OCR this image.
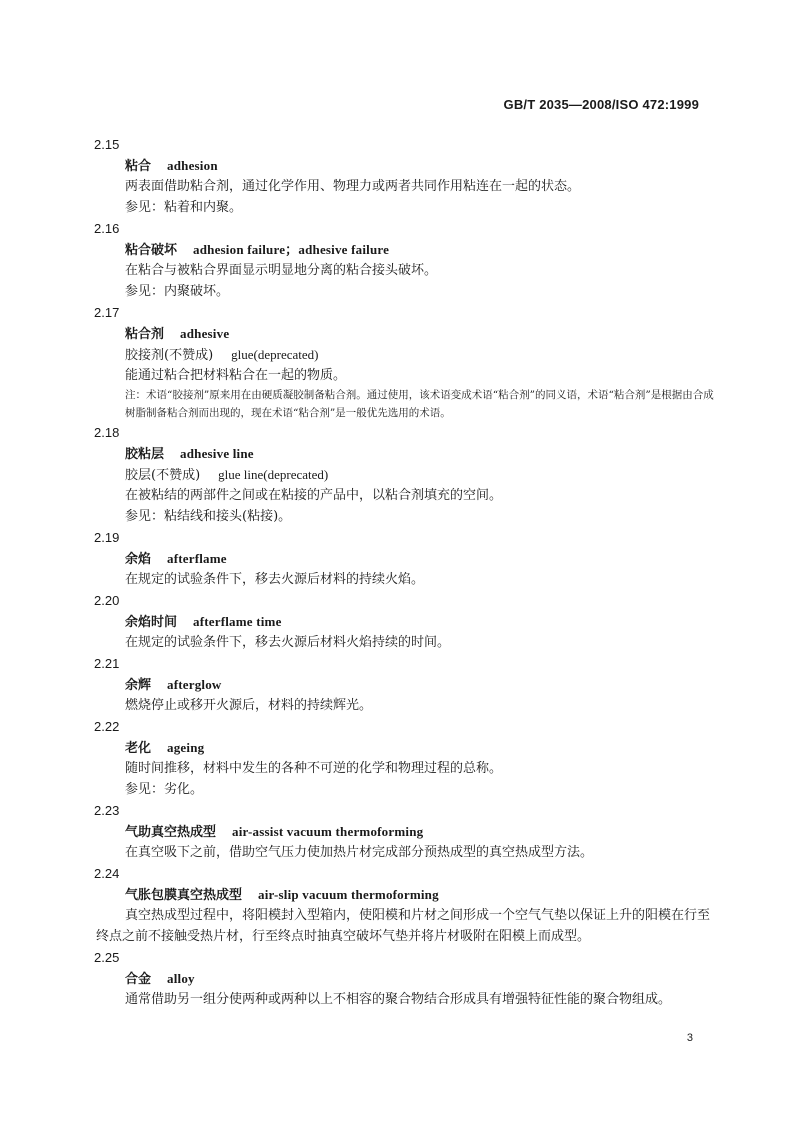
GB/T 2035—2008/ISO 472:1999
2.15
粘合 adhesion
两表面借助粘合剂，通过化学作用、物理力或两者共同作用粘连在一起的状态。
参见：粘着和内聚。
2.16
粘合破坏 adhesion failure；adhesive failure
在粘合与被粘合界面显示明显地分离的粘合接头破坏。
参见：内聚破坏。
2.17
粘合剂 adhesive
胶接剂(不赞成) glue(deprecated)
能通过粘合把材料粘合在一起的物质。
注：术语“胶接剂”原来用在由硬质凝胶制备粘合剂。通过使用，该术语变成术语“粘合剂”的同义语，术语“粘合剂”是根据由合成树脂制备粘合剂而出现的，现在术语“粘合剂”是一般优先选用的术语。
2.18
胶粘层 adhesive line
胶层(不赞成) glue line(deprecated)
在被粘结的两部件之间或在粘接的产品中，以粘合剂填充的空间。
参见：粘结线和接头(粘接)。
2.19
余焰 afterflame
在规定的试验条件下，移去火源后材料的持续火焰。
2.20
余焰时间 afterflame time
在规定的试验条件下，移去火源后材料火焰持续的时间。
2.21
余辉 afterglow
燃烧停止或移开火源后，材料的持续辉光。
2.22
老化 ageing
随时间推移，材料中发生的各种不可逆的化学和物理过程的总称。
参见：劣化。
2.23
气助真空热成型 air-assist vacuum thermoforming
在真空吸下之前，借助空气压力使加热片材完成部分预热成型的真空热成型方法。
2.24
气胀包膜真空热成型 air-slip vacuum thermoforming
真空热成型过程中，将阳模封入型箱内，使阳模和片材之间形成一个空气气垫以保证上升的阳模在行至终点之前不接触受热片材，行至终点时抽真空破坏气垫并将片材吸附在阳模上而成型。
2.25
合金 alloy
通常借助另一组分使两种或两种以上不相容的聚合物结合形成具有增强特征性能的聚合物组成。
3
